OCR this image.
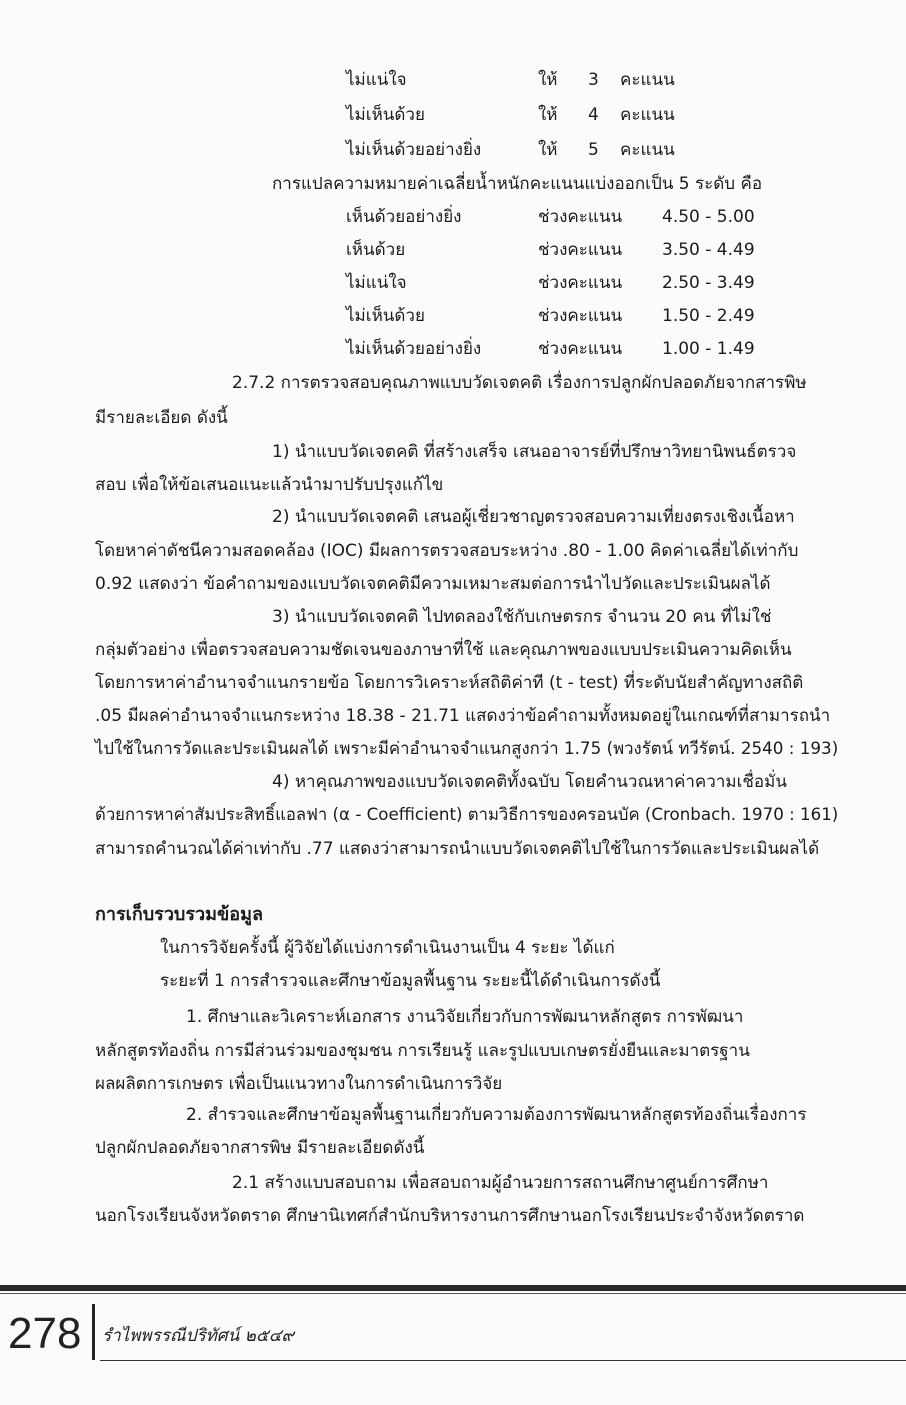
ไม่แน่ใจ	ให้ 3 คะแนน
ไม่เห็นด้วย	ให้ 4 คะแนน
ไม่เห็นด้วยอย่างยิ่ง	ให้ 5 คะแนน
การแปลความหมายค่าเฉลี่ยน้ำหนักคะแนนแบ่งออกเป็น 5 ระดับ คือ
เห็นด้วยอย่างยิ่ง	ช่วงคะแนน 4.50 - 5.00
เห็นด้วย	ช่วงคะแนน 3.50 - 4.49
ไม่แน่ใจ	ช่วงคะแนน 2.50 - 3.49
ไม่เห็นด้วย	ช่วงคะแนน 1.50 - 2.49
ไม่เห็นด้วยอย่างยิ่ง	ช่วงคะแนน 1.00 - 1.49
2.7.2 การตรวจสอบคุณภาพแบบวัดเจตคติ เรื่องการปลูกผักปลอดภัยจากสารพิษ
มีรายละเอียด ดังนี้
1) นำแบบวัดเจตคติ ที่สร้างเสร็จ เสนออาจารย์ที่ปรึกษาวิทยานิพนธ์ตรวจ
สอบ เพื่อให้ข้อเสนอแนะแล้วนำมาปรับปรุงแก้ไข
2) นำแบบวัดเจตคติ เสนอผู้เชี่ยวชาญตรวจสอบความเที่ยงตรงเชิงเนื้อหา
โดยหาค่าดัชนีความสอดคล้อง (IOC) มีผลการตรวจสอบระหว่าง .80 - 1.00 คิดค่าเฉลี่ยได้เท่ากับ
0.92 แสดงว่า ข้อคำถามของแบบวัดเจตคติมีความเหมาะสมต่อการนำไปวัดและประเมินผลได้
3) นำแบบวัดเจตคติ ไปทดลองใช้กับเกษตรกร จำนวน 20 คน ที่ไม่ใช่
กลุ่มตัวอย่าง เพื่อตรวจสอบความชัดเจนของภาษาที่ใช้ และคุณภาพของแบบประเมินความคิดเห็น
โดยการหาค่าอำนาจจำแนกรายข้อ โดยการวิเคราะห์สถิติค่าที (t - test) ที่ระดับนัยสำคัญทางสถิติ
.05 มีผลค่าอำนาจจำแนกระหว่าง 18.38 - 21.71 แสดงว่าข้อคำถามทั้งหมดอยู่ในเกณฑ์ที่สามารถนำ
ไปใช้ในการวัดและประเมินผลได้ เพราะมีค่าอำนาจจำแนกสูงกว่า 1.75 (พวงรัตน์ ทวีรัตน์. 2540 : 193)
4) หาคุณภาพของแบบวัดเจตคติทั้งฉบับ โดยคำนวณหาค่าความเชื่อมั่น
ด้วยการหาค่าสัมประสิทธิ์แอลฟา (α - Coefficient) ตามวิธีการของครอนบัค (Cronbach. 1970 : 161)
สามารถคำนวณได้ค่าเท่ากับ .77 แสดงว่าสามารถนำแบบวัดเจตคติไปใช้ในการวัดและประเมินผลได้
การเก็บรวบรวมข้อมูล
ในการวิจัยครั้งนี้ ผู้วิจัยได้แบ่งการดำเนินงานเป็น 4 ระยะ ได้แก่
ระยะที่ 1 การสำรวจและศึกษาข้อมูลพื้นฐาน ระยะนี้ได้ดำเนินการดังนี้
1. ศึกษาและวิเคราะห์เอกสาร งานวิจัยเกี่ยวกับการพัฒนาหลักสูตร การพัฒนา
หลักสูตรท้องถิ่น การมีส่วนร่วมของชุมชน การเรียนรู้ และรูปแบบเกษตรยั่งยืนและมาตรฐาน
ผลผลิตการเกษตร เพื่อเป็นแนวทางในการดำเนินการวิจัย
2. สำรวจและศึกษาข้อมูลพื้นฐานเกี่ยวกับความต้องการพัฒนาหลักสูตรท้องถิ่นเรื่องการ
ปลูกผักปลอดภัยจากสารพิษ มีรายละเอียดดังนี้
2.1 สร้างแบบสอบถาม เพื่อสอบถามผู้อำนวยการสถานศึกษาศูนย์การศึกษา
นอกโรงเรียนจังหวัดตราด ศึกษานิเทศก์สำนักบริหารงานการศึกษานอกโรงเรียนประจำจังหวัดตราด
278 รำไพพรรณีปริทัศน์ ๒๕๔๙
